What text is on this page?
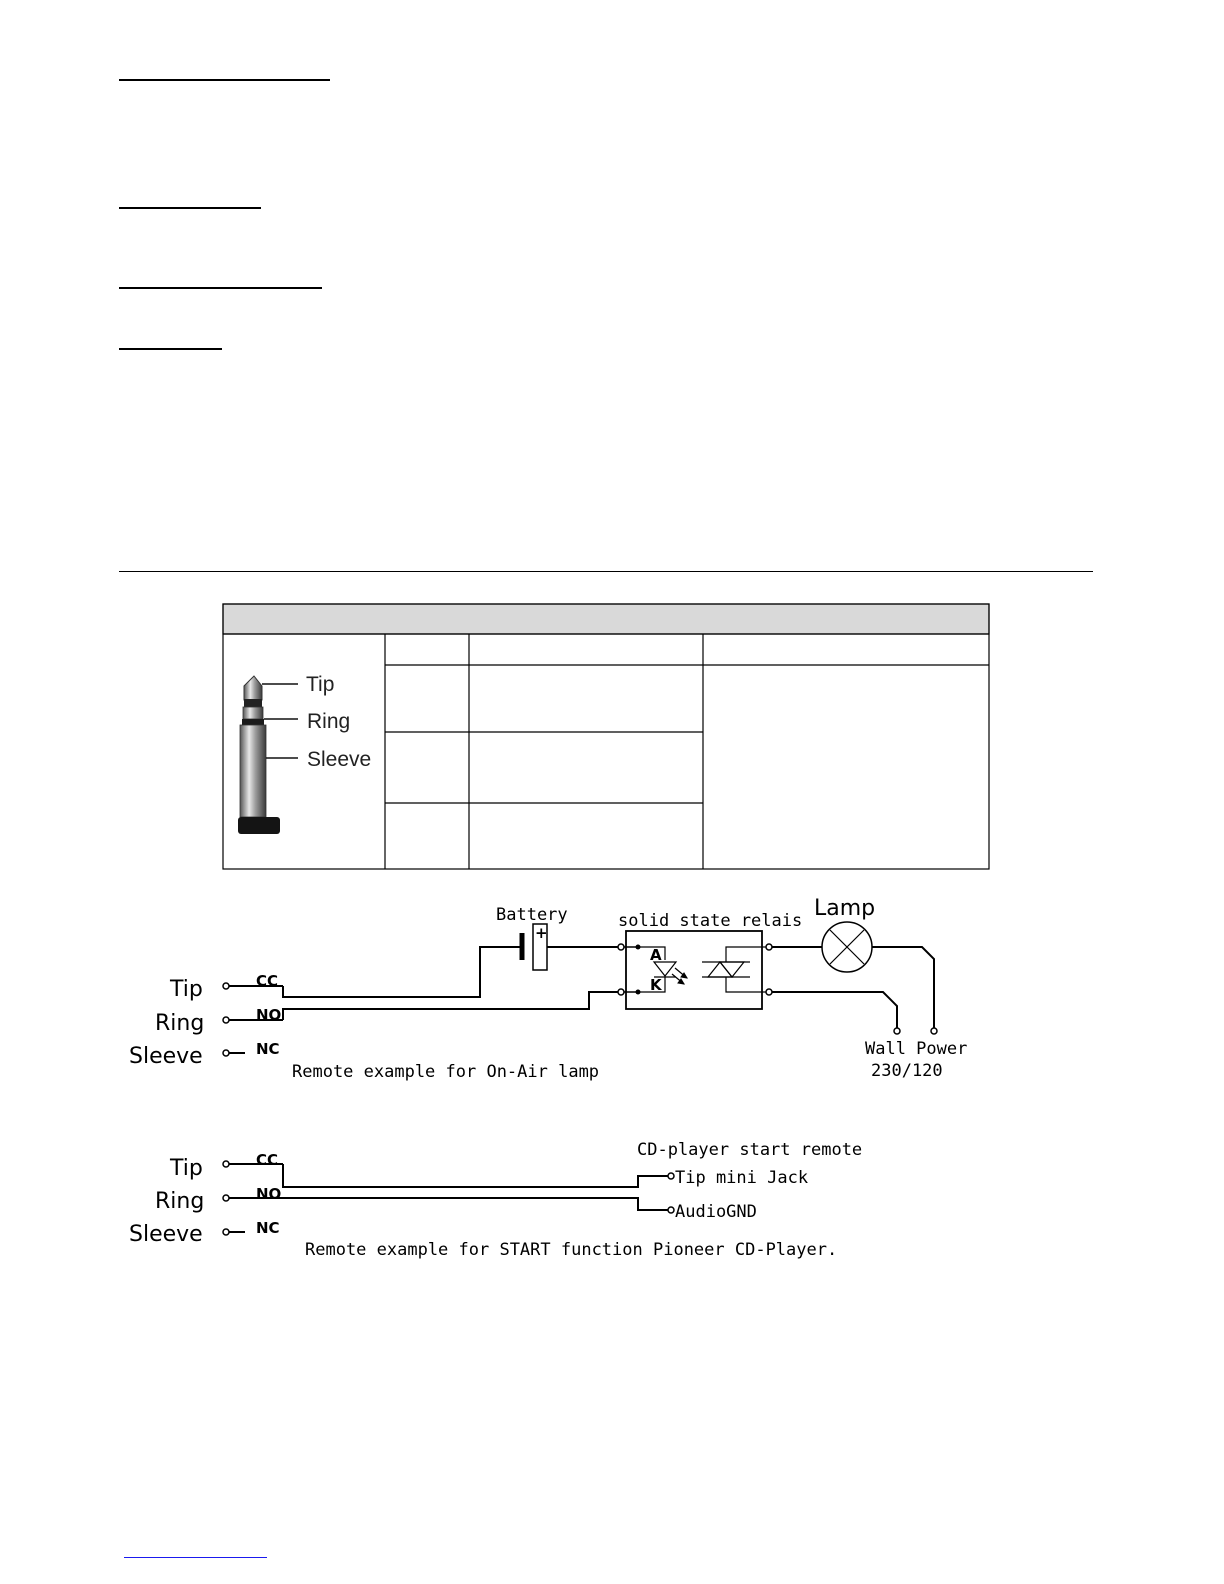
Tip
Ring
Sleeve
Tip
Ring
Sleeve
CC
NO
NC
Battery
+
solid state relais
A
K
Lamp
Wall Power
230/120
Remote example for On-Air lamp
Tip
Ring
Sleeve
CC
NO
NC
CD-player start remote
Tip mini Jack
AudioGND
Remote example for START function Pioneer CD-Player.
